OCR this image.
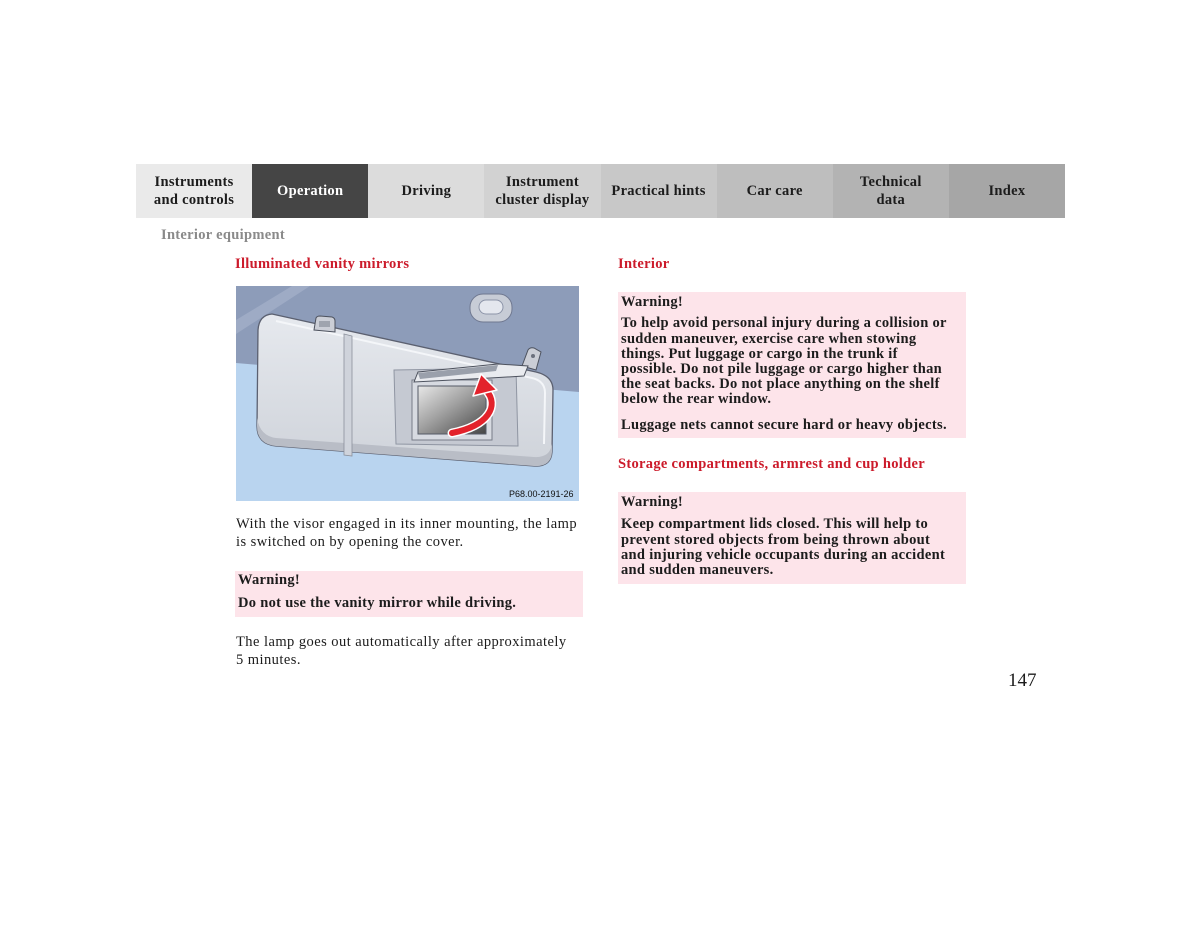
Instruments
and controls
Operation	Driving
Instrument
cluster display
Practical hints	Car care
Technical
data
Index
Interior equipment
Illuminated vanity mirrors
P68.00-2191-26
With the visor engaged in its inner mounting, the lamp
is switched on by opening the cover.
Warning!
Do not use the vanity mirror while driving.
The lamp goes out automatically after approximately
5 minutes.
Interior
Warning!
To help avoid personal injury during a collision or
sudden maneuver, exercise care when stowing
things. Put luggage or cargo in the trunk if
possible. Do not pile luggage or cargo higher than
the seat backs. Do not place anything on the shelf
below the rear window.
Luggage nets cannot secure hard or heavy objects.
Storage compartments, armrest and cup holder
Warning!
Keep compartment lids closed. This will help to
prevent stored objects from being thrown about
and injuring vehicle occupants during an accident
and sudden maneuvers.
147
